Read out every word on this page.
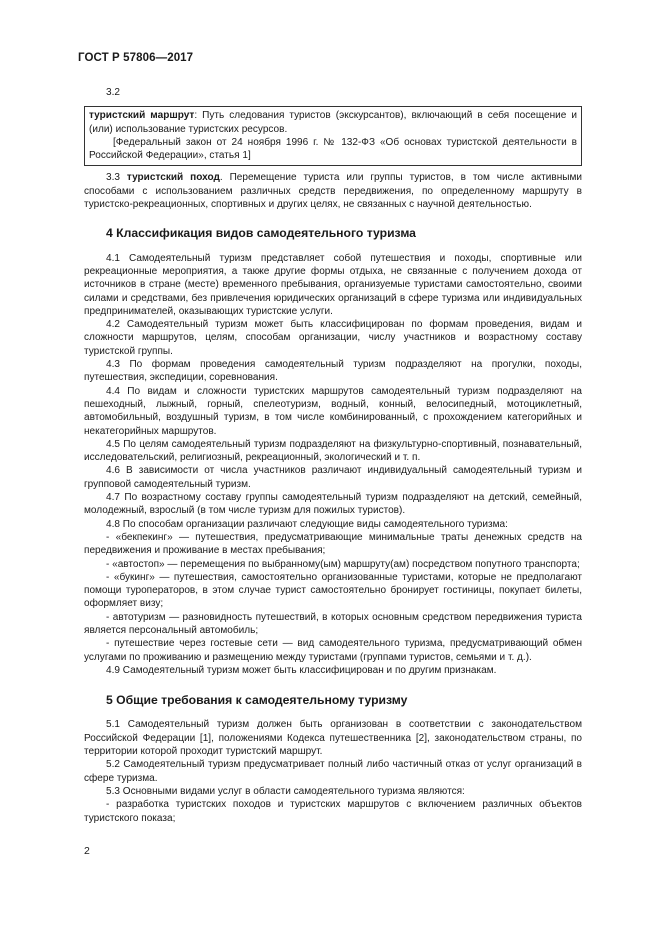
ГОСТ Р 57806—2017

3.2

туристский маршрут: Путь следования туристов (экскурсантов), включающий в себя посещение и (или) использование туристских ресурсов.

[Федеральный закон от 24 ноября 1996 г. № 132-ФЗ «Об основах туристской деятельности в Российской Федерации», статья 1]

3.3 туристский поход. Перемещение туриста или группы туристов, в том числе активными способами с использованием различных средств передвижения, по определенному маршруту в туристско-рекреационных, спортивных и других целях, не связанных с научной деятельностью.

4 Классификация видов самодеятельного туризма

4.1 Самодеятельный туризм представляет собой путешествия и походы, спортивные или рекреационные мероприятия, а также другие формы отдыха, не связанные с получением дохода от источников в стране (месте) временного пребывания, организуемые туристами самостоятельно, своими силами и средствами, без привлечения юридических организаций в сфере туризма или индивидуальных предпринимателей, оказывающих туристские услуги.

4.2 Самодеятельный туризм может быть классифицирован по формам проведения, видам и сложности маршрутов, целям, способам организации, числу участников и возрастному составу туристской группы.

4.3 По формам проведения самодеятельный туризм подразделяют на прогулки, походы, путешествия, экспедиции, соревнования.

4.4 По видам и сложности туристских маршрутов самодеятельный туризм подразделяют на пешеходный, лыжный, горный, спелеотуризм, водный, конный, велосипедный, мотоциклетный, автомобильный, воздушный туризм, в том числе комбинированный, с прохождением категорийных и некатегорийных маршрутов.

4.5 По целям самодеятельный туризм подразделяют на физкультурно-спортивный, познавательный, исследовательский, религиозный, рекреационный, экологический и т. п.

4.6 В зависимости от числа участников различают индивидуальный самодеятельный туризм и групповой самодеятельный туризм.

4.7 По возрастному составу группы самодеятельный туризм подразделяют на детский, семейный, молодежный, взрослый (в том числе туризм для пожилых туристов).

4.8 По способам организации различают следующие виды самодеятельного туризма:

- «бекпекинг» — путешествия, предусматривающие минимальные траты денежных средств на передвижения и проживание в местах пребывания;

- «автостоп» — перемещения по выбранному(ым) маршруту(ам) посредством попутного транспорта;

- «букинг» — путешествия, самостоятельно организованные туристами, которые не предполагают помощи туроператоров, в этом случае турист самостоятельно бронирует гостиницы, покупает билеты, оформляет визу;

- автотуризм — разновидность путешествий, в которых основным средством передвижения туриста является персональный автомобиль;

- путешествие через гостевые сети — вид самодеятельного туризма, предусматривающий обмен услугами по проживанию и размещению между туристами (группами туристов, семьями и т. д.).

4.9 Самодеятельный туризм может быть классифицирован и по другим признакам.

5 Общие требования к самодеятельному туризму

5.1 Самодеятельный туризм должен быть организован в соответствии с законодательством Российской Федерации [1], положениями Кодекса путешественника [2], законодательством страны, по территории которой проходит туристский маршрут.

5.2 Самодеятельный туризм предусматривает полный либо частичный отказ от услуг организаций в сфере туризма.

5.3 Основными видами услуг в области самодеятельного туризма являются:

- разработка туристских походов и туристских маршрутов с включением различных объектов туристского показа;

2
